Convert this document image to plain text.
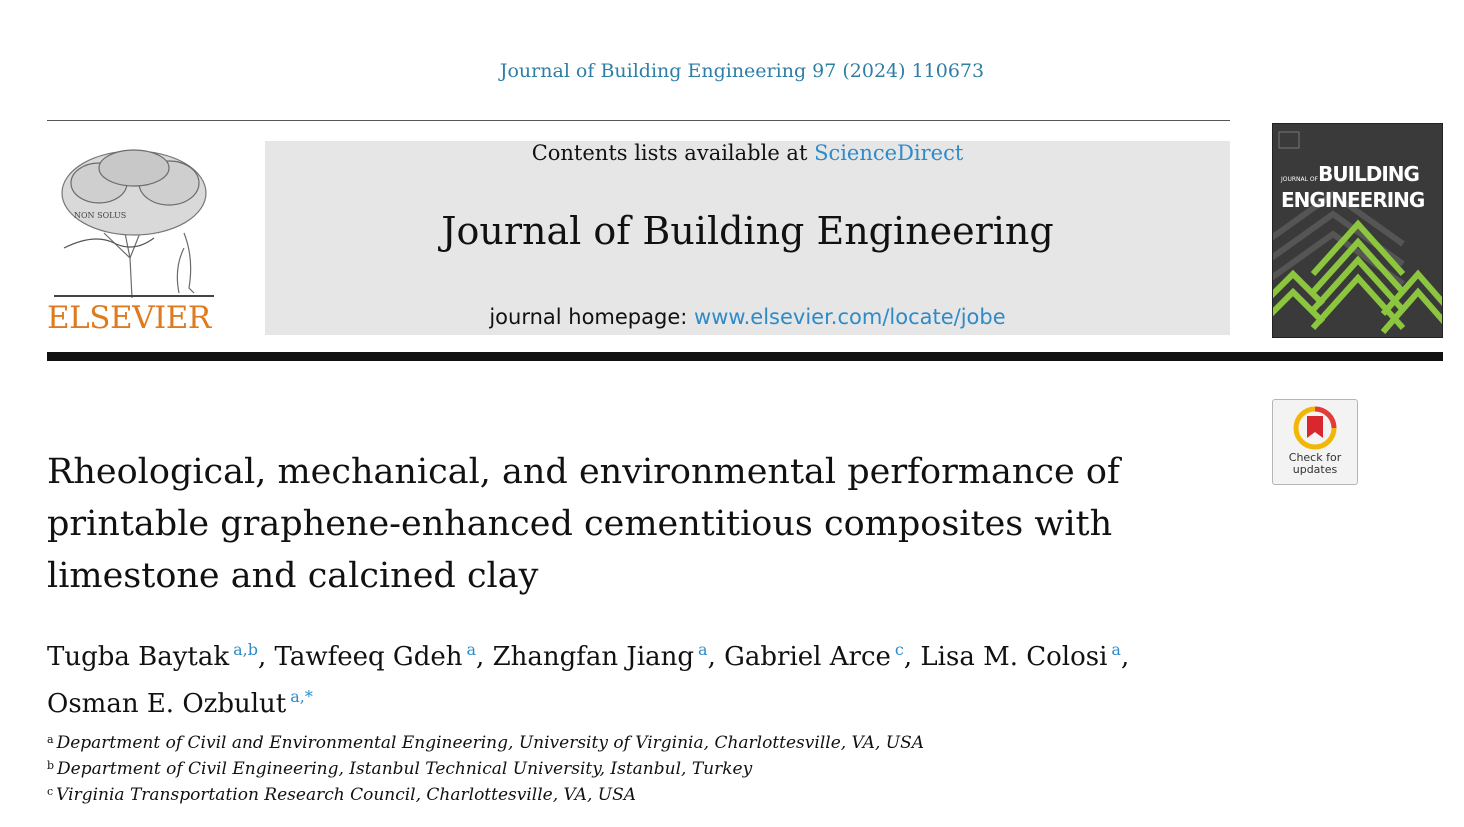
Journal of Building Engineering 97 (2024) 110673
NON SOLUS
ELSEVIER
Contents lists available at ScienceDirect
Journal of Building Engineering
journal homepage: www.elsevier.com/locate/jobe
JOURNAL OFBUILDING
ENGINEERING
Check for
updates
Rheological, mechanical, and environmental performance of printable graphene-enhanced cementitious composites with limestone and calcined clay
Tugba Baytak $^{a,b}$, Tawfeeq Gdeh $^a$, Zhangfan Jiang $^a$, Gabriel Arce $^c$, Lisa M. Colosi $^a$,
Osman E. Ozbulut $^{a,*}$
$^a$ Department of Civil and Environmental Engineering, University of Virginia, Charlottesville, VA, USA
$^b$ Department of Civil Engineering, Istanbul Technical University, Istanbul, Turkey
$^c$ Virginia Transportation Research Council, Charlottesville, VA, USA
